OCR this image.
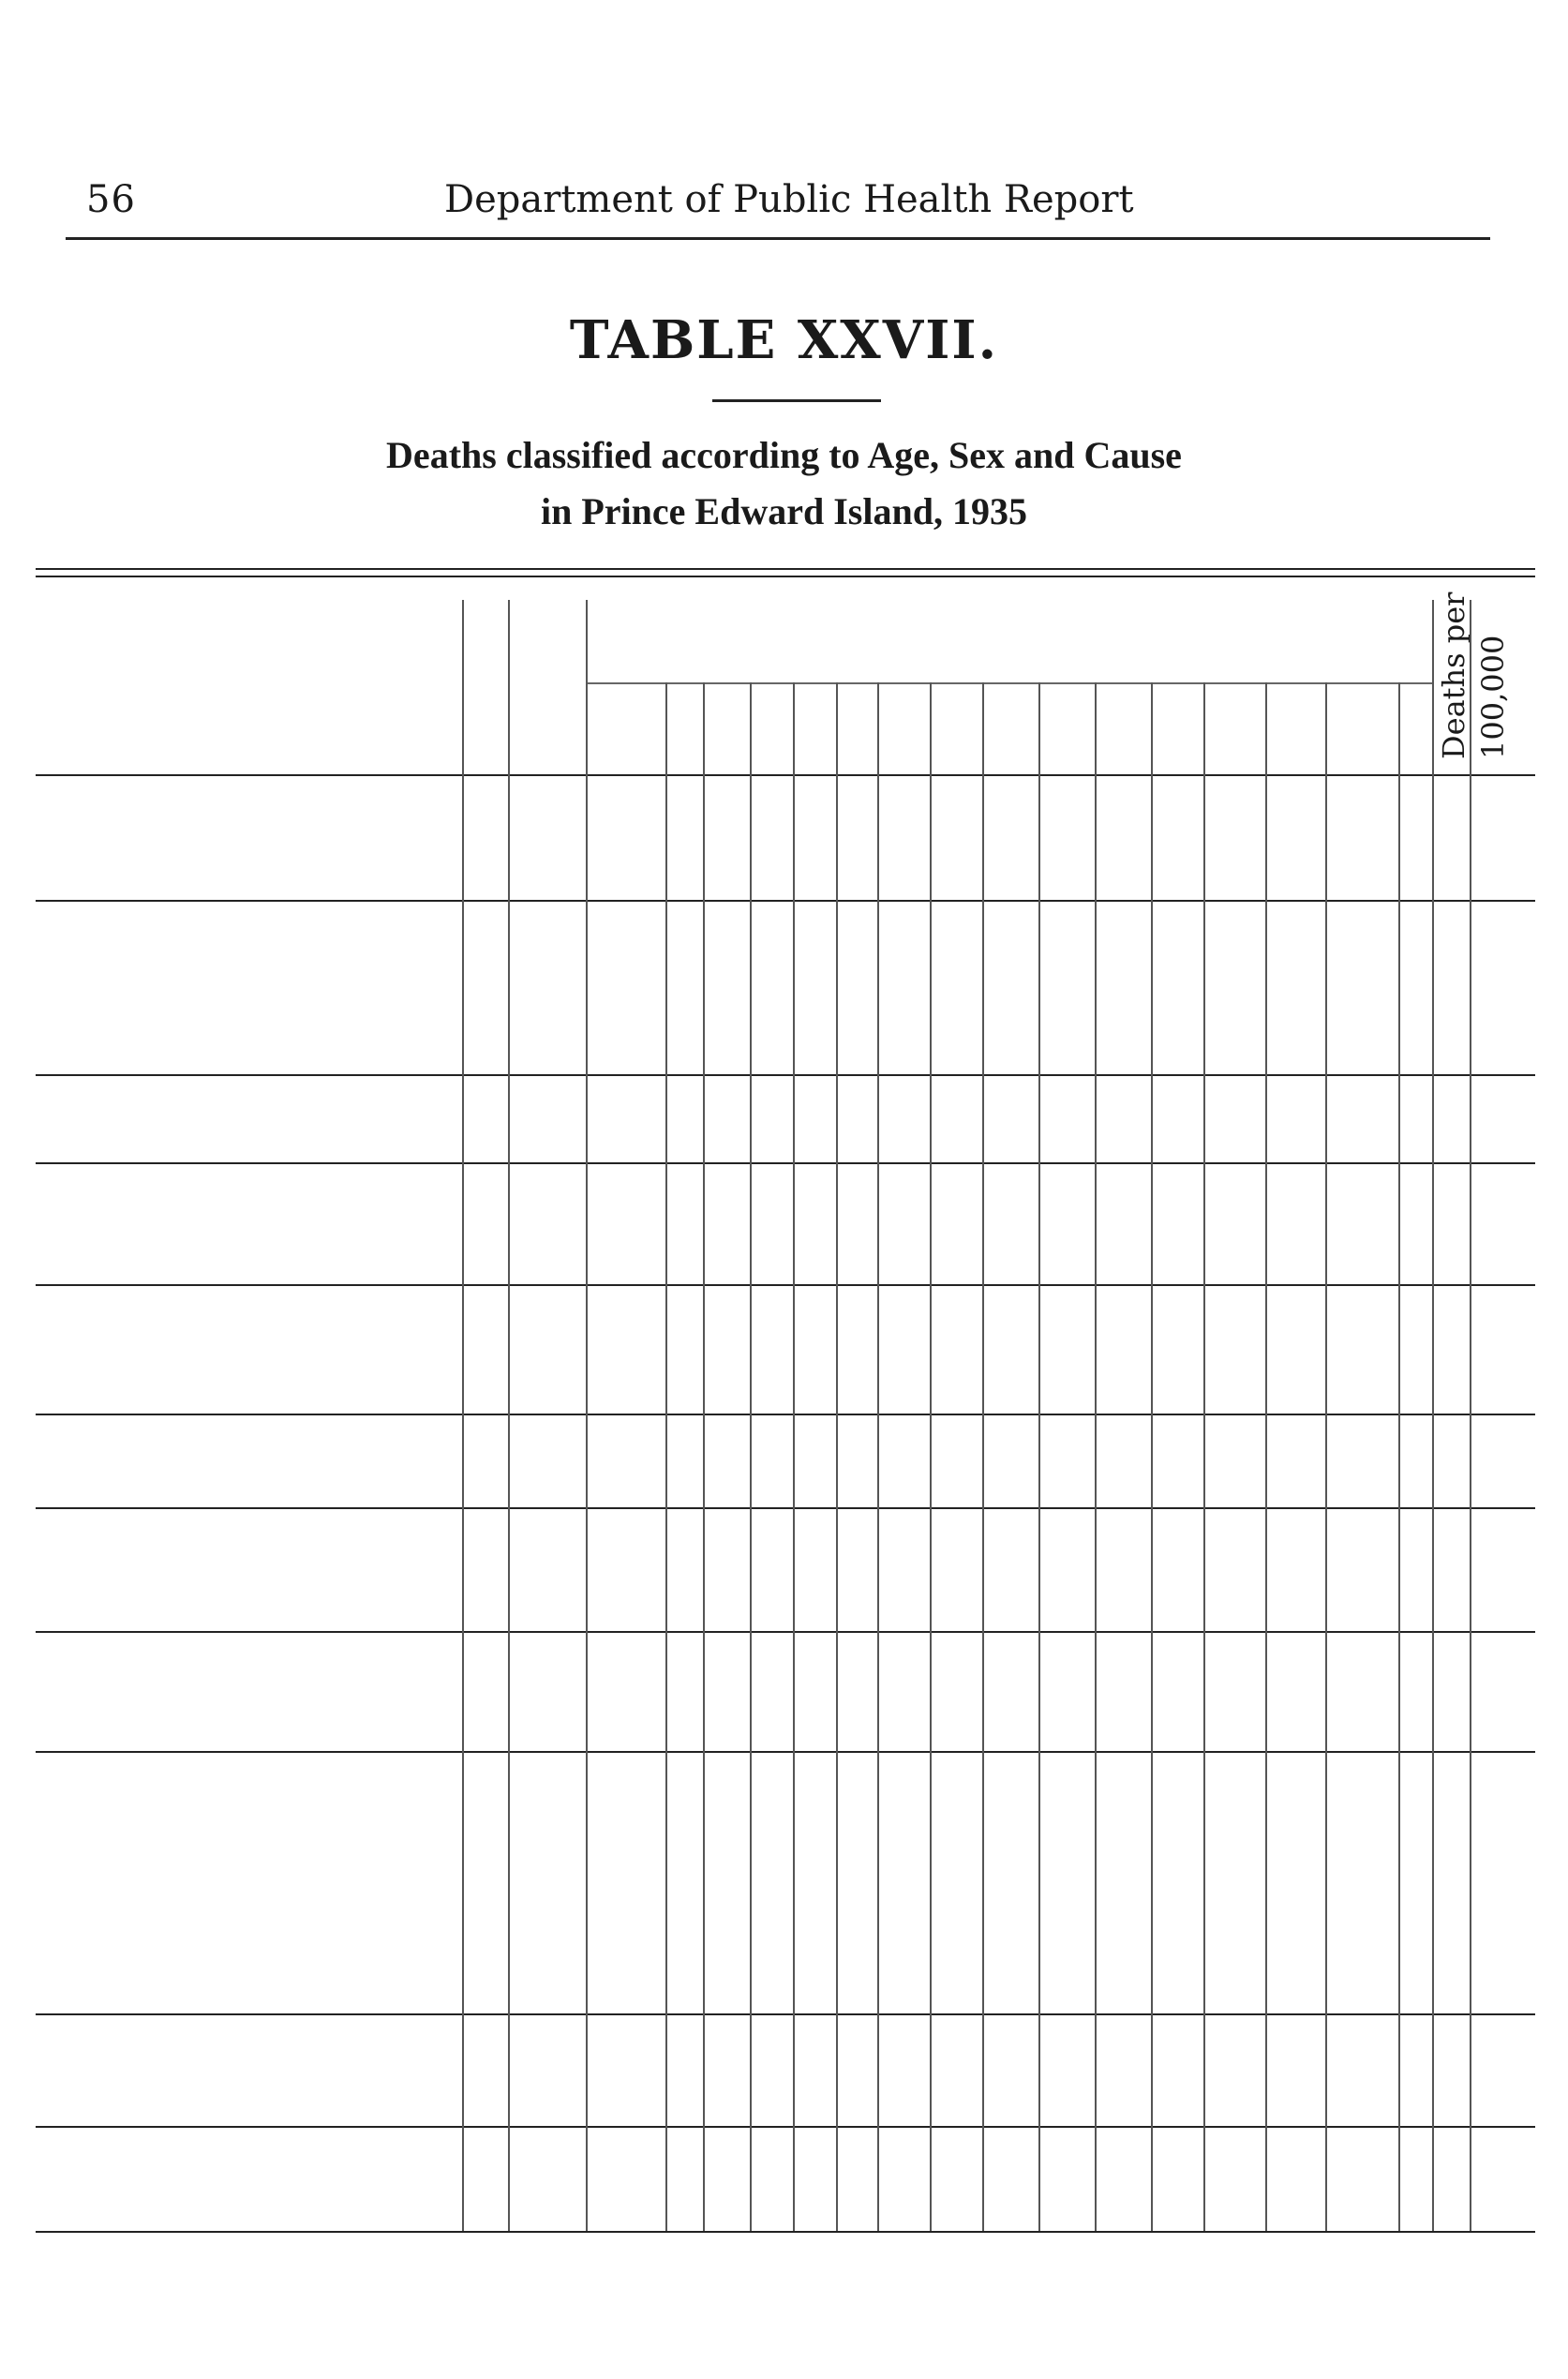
56	Department of Public Health Report
TABLE XXVII.
Deaths classified according to Age, Sex and Cause
in Prince Edward Island, 1935
Deaths per 100,000
